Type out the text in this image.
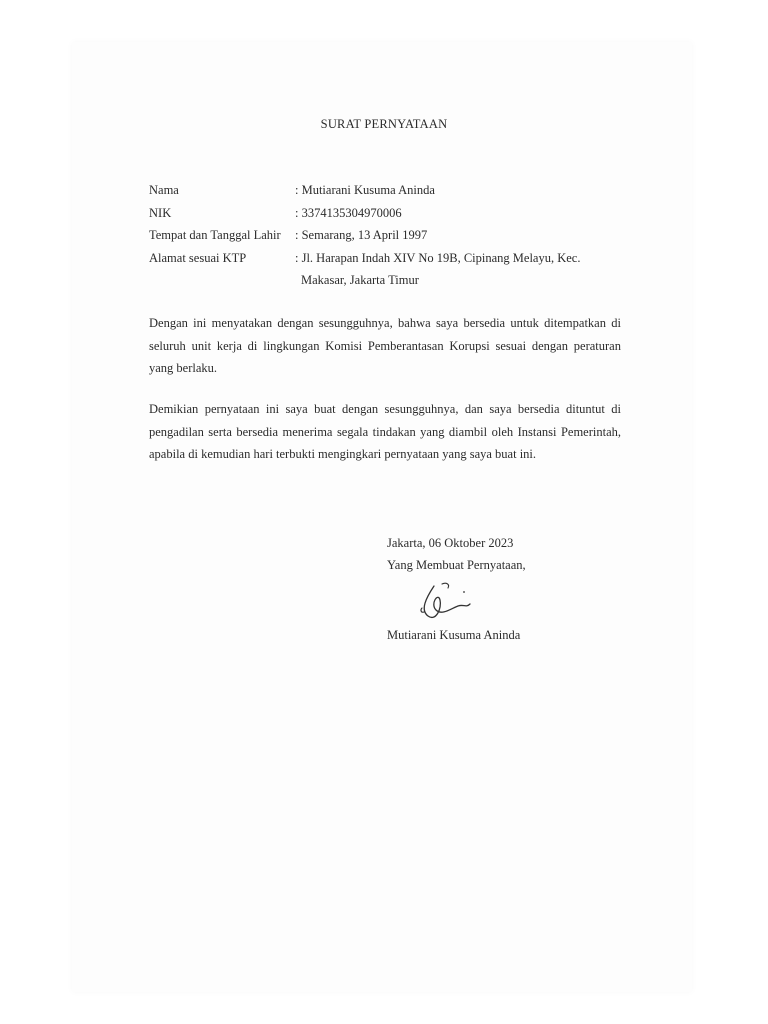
SURAT PERNYATAAN
Nama	: Mutiarani Kusuma Aninda
NIK	: 3374135304970006
Tempat dan Tanggal Lahir	: Semarang, 13 April 1997
Alamat sesuai KTP	: Jl. Harapan Indah XIV No 19B, Cipinang Melayu, Kec.
Makasar, Jakarta Timur
Dengan ini menyatakan dengan sesungguhnya, bahwa saya bersedia untuk ditempatkan di seluruh unit kerja di lingkungan Komisi Pemberantasan Korupsi sesuai dengan peraturan yang berlaku.
Demikian pernyataan ini saya buat dengan sesungguhnya, dan saya bersedia dituntut di pengadilan serta bersedia menerima segala tindakan yang diambil oleh Instansi Pemerintah, apabila di kemudian hari terbukti mengingkari pernyataan yang saya buat ini.
Jakarta, 06 Oktober 2023
Yang Membuat Pernyataan,
Mutiarani Kusuma Aninda
